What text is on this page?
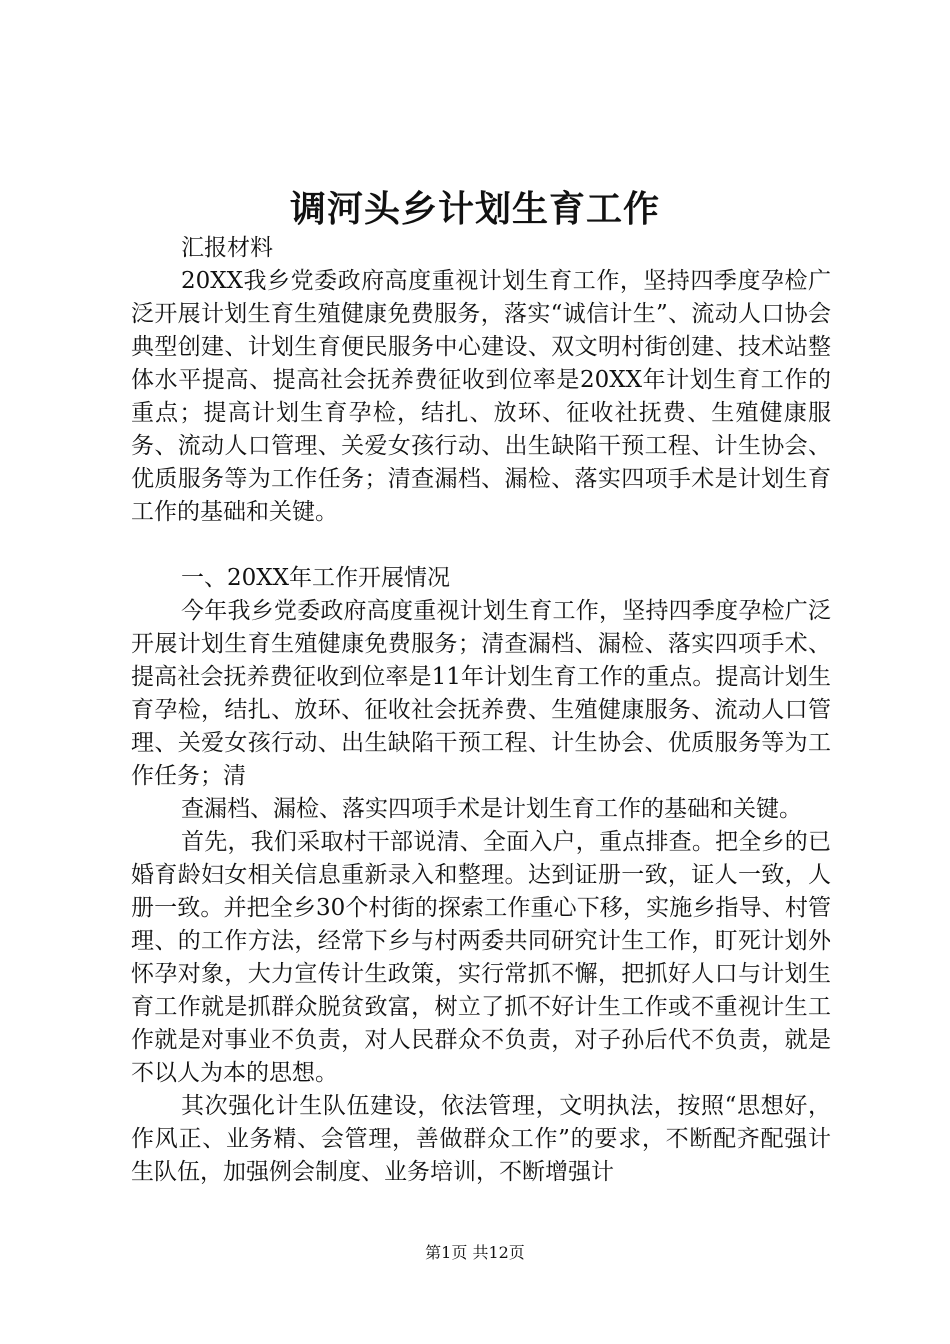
调河头乡计划生育工作

汇报材料

20XX我乡党委政府高度重视计划生育工作，坚持四季度孕检广泛开展计划生育生殖健康免费服务，落实“诚信计生”、流动人口协会典型创建、计划生育便民服务中心建设、双文明村街创建、技术站整体水平提高、提高社会抚养费征收到位率是20XX年计划生育工作的重点；提高计划生育孕检，结扎、放环、征收社抚费、生殖健康服务、流动人口管理、关爱女孩行动、出生缺陷干预工程、计生协会、优质服务等为工作任务；清查漏档、漏检、落实四项手术是计划生育工作的基础和关键。

一、20XX年工作开展情况

今年我乡党委政府高度重视计划生育工作，坚持四季度孕检广泛开展计划生育生殖健康免费服务；清查漏档、漏检、落实四项手术、提高社会抚养费征收到位率是11年计划生育工作的重点。提高计划生育孕检，结扎、放环、征收社会抚养费、生殖健康服务、流动人口管理、关爱女孩行动、出生缺陷干预工程、计生协会、优质服务等为工作任务；清

查漏档、漏检、落实四项手术是计划生育工作的基础和关键。

首先，我们采取村干部说清、全面入户，重点排查。把全乡的已婚育龄妇女相关信息重新录入和整理。达到证册一致，证人一致，人册一致。并把全乡30个村街的探索工作重心下移，实施乡指导、村管理、的工作方法，经常下乡与村两委共同研究计生工作，盯死计划外怀孕对象，大力宣传计生政策，实行常抓不懈，把抓好人口与计划生育工作就是抓群众脱贫致富，树立了抓不好计生工作或不重视计生工作就是对事业不负责，对人民群众不负责，对子孙后代不负责，就是不以人为本的思想。

其次强化计生队伍建设，依法管理，文明执法，按照“思想好，作风正、业务精、会管理，善做群众工作”的要求，不断配齐配强计生队伍，加强例会制度、业务培训，不断增强计

第1页 共12页
